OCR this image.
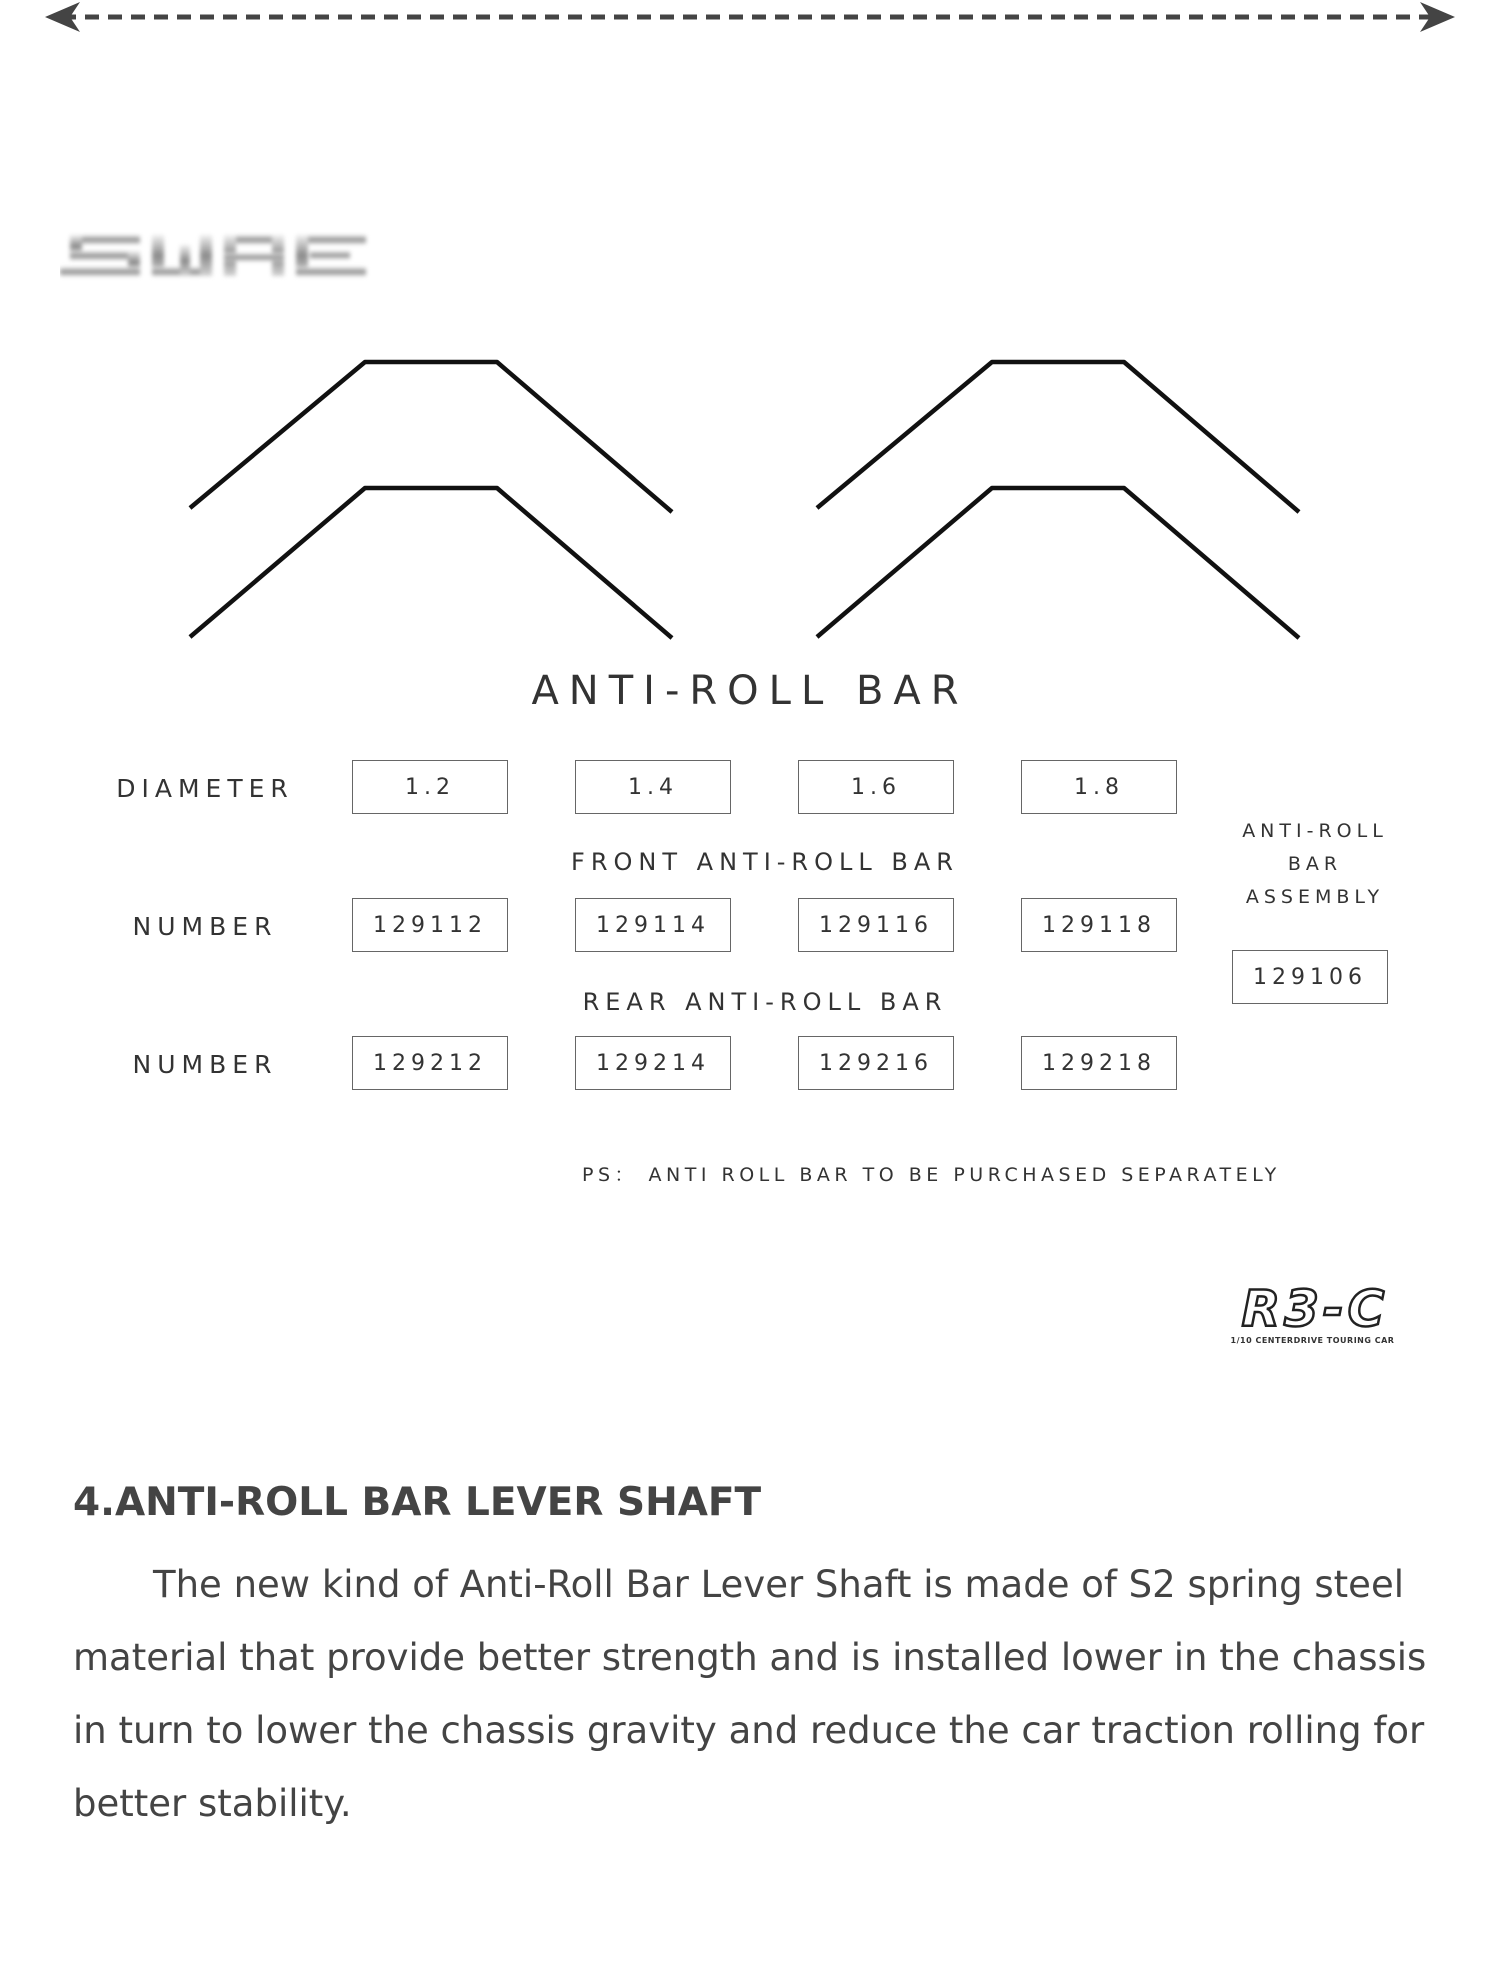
ANTI-ROLL BAR
DIAMETER	1.2	1.4	1.6	1.8
FRONT ANTI-ROLL BAR
NUMBER	129112	129114	129116	129118
REAR ANTI-ROLL BAR
NUMBER	129212	129214	129216	129218
ANTI-ROLL
BAR
ASSEMBLY
129106
PS： ANTI ROLL BAR TO BE PURCHASED SEPARATELY
R3-C
1/10 CENTERDRIVE TOURING CAR
4.ANTI-ROLL BAR LEVER SHAFT
The new kind of Anti-Roll Bar Lever Shaft is made of S2 spring steel material that provide better strength and is installed lower in the chassis in turn to lower the chassis gravity and reduce the car traction rolling for better stability.
